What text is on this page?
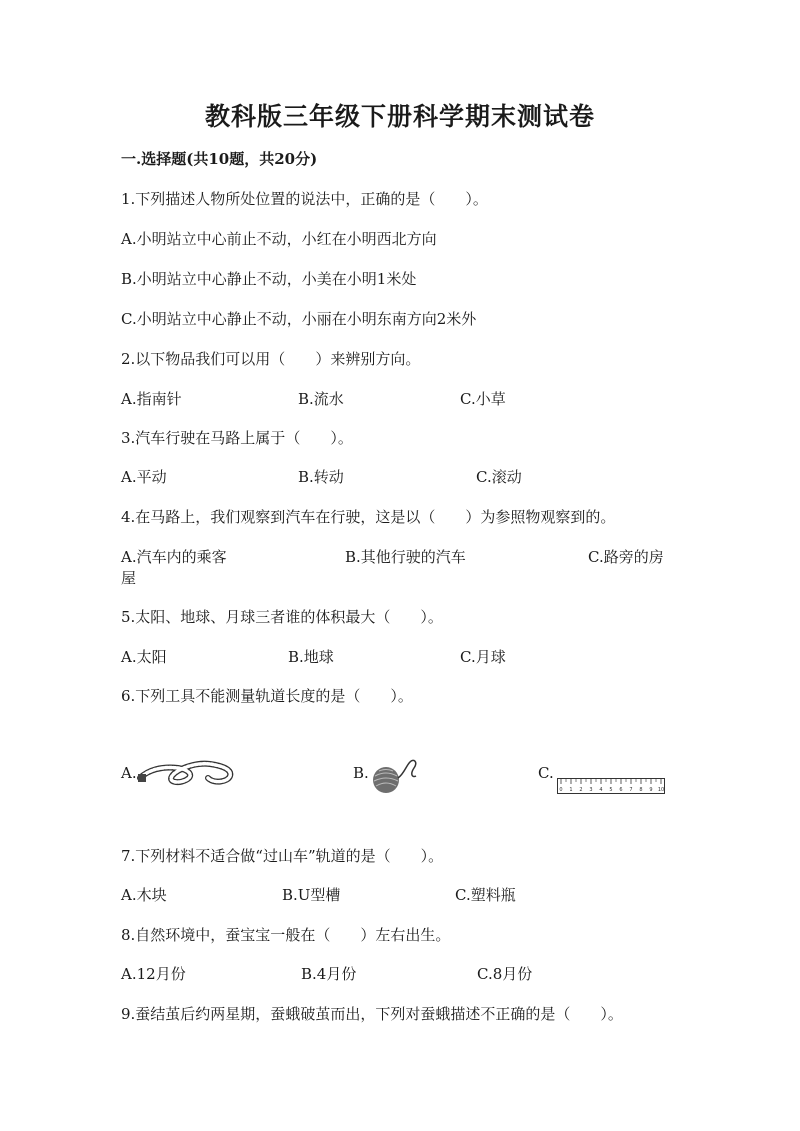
教科版三年级下册科学期末测试卷
一.选择题(共10题，共20分)
1.下列描述人物所处位置的说法中，正确的是（　　）。
A.小明站立中心前止不动，小红在小明西北方向
B.小明站立中心静止不动，小美在小明1米处
C.小明站立中心静止不动，小丽在小明东南方向2米外
2.以下物品我们可以用（　　）来辨别方向。
A.指南针	B.流水	C.小草
3.汽车行驶在马路上属于（　　）。
A.平动	B.转动	C.滚动
4.在马路上，我们观察到汽车在行驶，这是以（　　）为参照物观察到的。
A.汽车内的乘客	B.其他行驶的汽车	C.路旁的房
屋
5.太阳、地球、月球三者谁的体积最大（　　）。
A.太阳	B.地球	C.月球
6.下列工具不能测量轨道长度的是（　　）。
A.	B.	C.
0 1 2 3 4 5 6 7 8 9 10
7.下列材料不适合做“过山车”轨道的是（　　）。
A.木块	B.U型槽	C.塑料瓶
8.自然环境中，蚕宝宝一般在（　　）左右出生。
A.12月份	B.4月份	C.8月份
9.蚕结茧后约两星期，蚕蛾破茧而出，下列对蚕蛾描述不正确的是（　　）。
